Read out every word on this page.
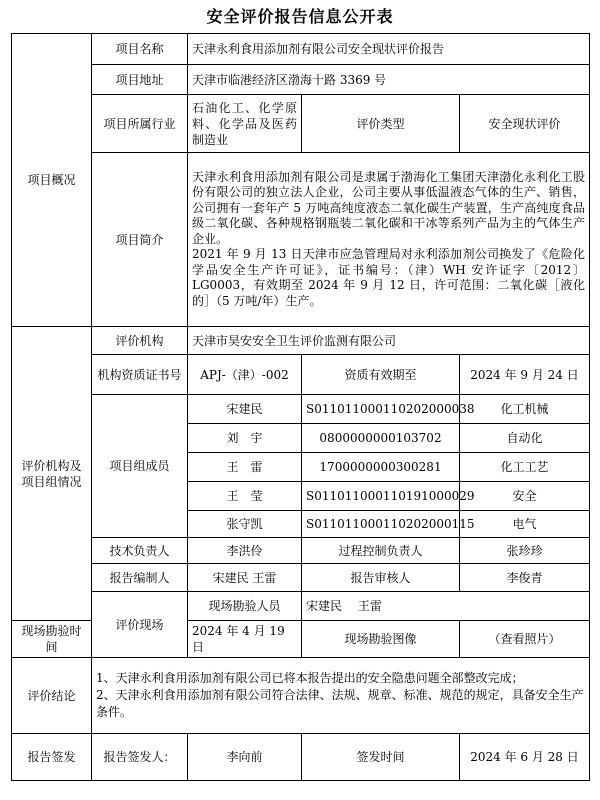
安全评价报告信息公开表
项目概况	项目名称	天津永利食用添加剂有限公司安全现状评价报告		
	项目地址	天津市临港经济区渤海十路 3369 号		
	项目所属行业	石油化工、化学原料、化学品及医药制造业	评价类型	安全现状评价
	项目简介	天津永利食用添加剂有限公司是隶属于渤海化工集团天津渤化永利化工股份有限公司的独立法人企业，公司主要从事低温液态气体的生产、销售，公司拥有一套年产 5 万吨高纯度液态二氧化碳生产装置，生产高纯度食品级二氧化碳、各种规格钢瓶装二氧化碳和干冰等系列产品为主的气体生产企业。
2021 年 9 月 13 日天津市应急管理局对永利添加剂公司换发了《危险化学品安全生产许可证》，证书编号：（津）WH 安许证字〔2012〕LG0003，有效期至 2024 年 9 月 12 日，许可范围：二氧化碳［液化的］（5 万吨/年）生产。		

评价机构及项目组情况	评价机构	天津市昊安安全卫生评价监测有限公司		
	机构资质证书号	APJ-（津）-002	资质有效期至	2024 年 9 月 24 日
	项目组成员	宋建民	S011011000110202000038	化工机械
		刘　宇	0800000000103702	自动化
		王　雷	1700000000300281	化工工艺
		王　莹	S011011000110191000029	安全
		张守凯	S011011000110202000115	电气
	技术负责人	李洪伶	过程控制负责人	张珍珍
	报告编制人	宋建民 王雷	报告审核人	李俊青
	评价现场	现场勘验人员	宋建民　 王雷	
现场勘验时间		2024 年 4 月 19 日	现场勘验图像	（查看照片）
评价结论	1、天津永利食用添加剂有限公司已将本报告提出的安全隐患问题全部整改完成；
2、天津永利食用添加剂有限公司符合法律、法规、规章、标准、规范的规定，具备安全生产条件。			

报告签发	报告签发人：	李向前	签发时间	2024 年 6 月 28 日
